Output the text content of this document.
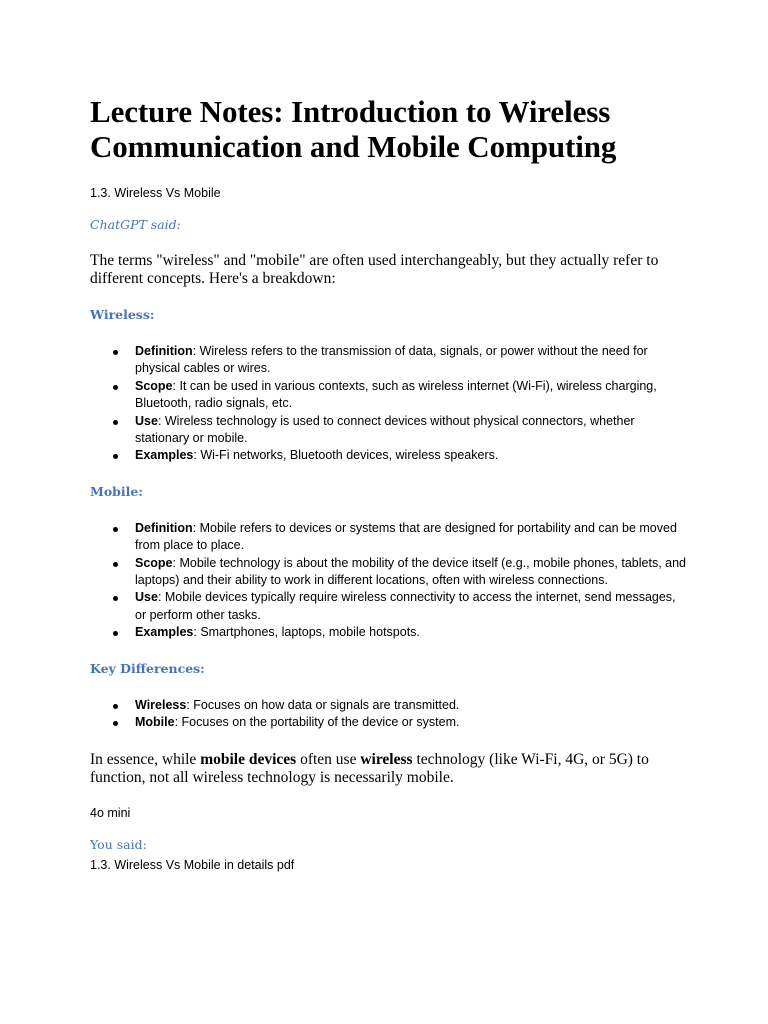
Lecture Notes: Introduction to Wireless Communication and Mobile Computing

1.3. Wireless Vs Mobile

ChatGPT said:

The terms "wireless" and "mobile" are often used interchangeably, but they actually refer to different concepts. Here's a breakdown:

Wireless:

Definition: Wireless refers to the transmission of data, signals, or power without the need for physical cables or wires.
Scope: It can be used in various contexts, such as wireless internet (Wi-Fi), wireless charging, Bluetooth, radio signals, etc.
Use: Wireless technology is used to connect devices without physical connectors, whether stationary or mobile.
Examples: Wi-Fi networks, Bluetooth devices, wireless speakers.

Mobile:

Definition: Mobile refers to devices or systems that are designed for portability and can be moved from place to place.
Scope: Mobile technology is about the mobility of the device itself (e.g., mobile phones, tablets, and laptops) and their ability to work in different locations, often with wireless connections.
Use: Mobile devices typically require wireless connectivity to access the internet, send messages, or perform other tasks.
Examples: Smartphones, laptops, mobile hotspots.

Key Differences:

Wireless: Focuses on how data or signals are transmitted.
Mobile: Focuses on the portability of the device or system.

In essence, while mobile devices often use wireless technology (like Wi-Fi, 4G, or 5G) to function, not all wireless technology is necessarily mobile.

4o mini

You said:

1.3. Wireless Vs Mobile in details pdf
